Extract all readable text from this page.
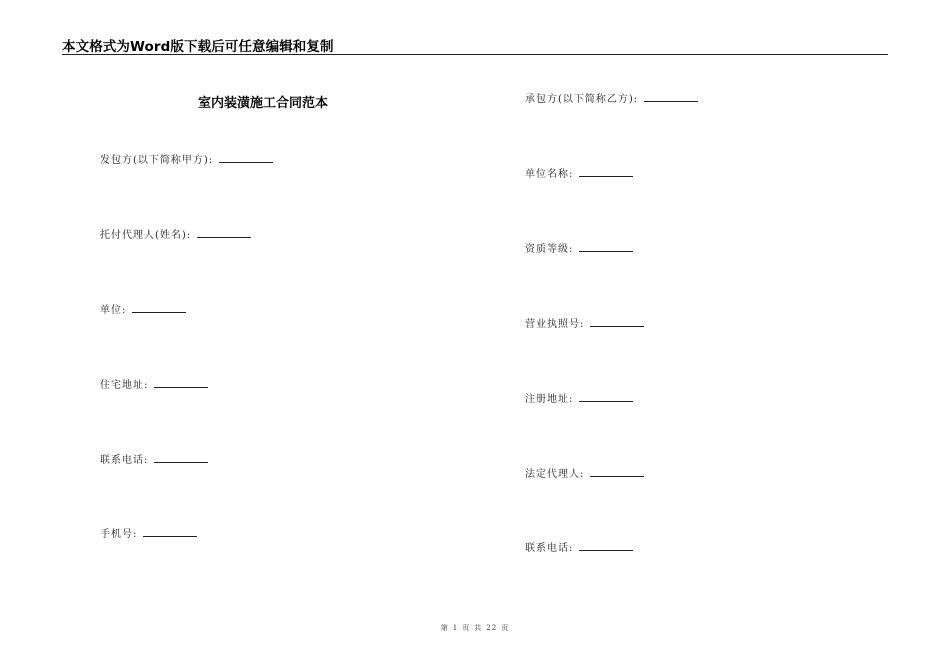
本文格式为Word版下载后可任意编辑和复制
室内装潢施工合同范本
发包方(以下简称甲方):
托付代理人(姓名):
单位:
住宅地址:
联系电话:
手机号:
承包方(以下简称乙方):
单位名称:
资质等级:
营业执照号:
注册地址:
法定代理人:
联系电话:
第 1 页 共 22 页
